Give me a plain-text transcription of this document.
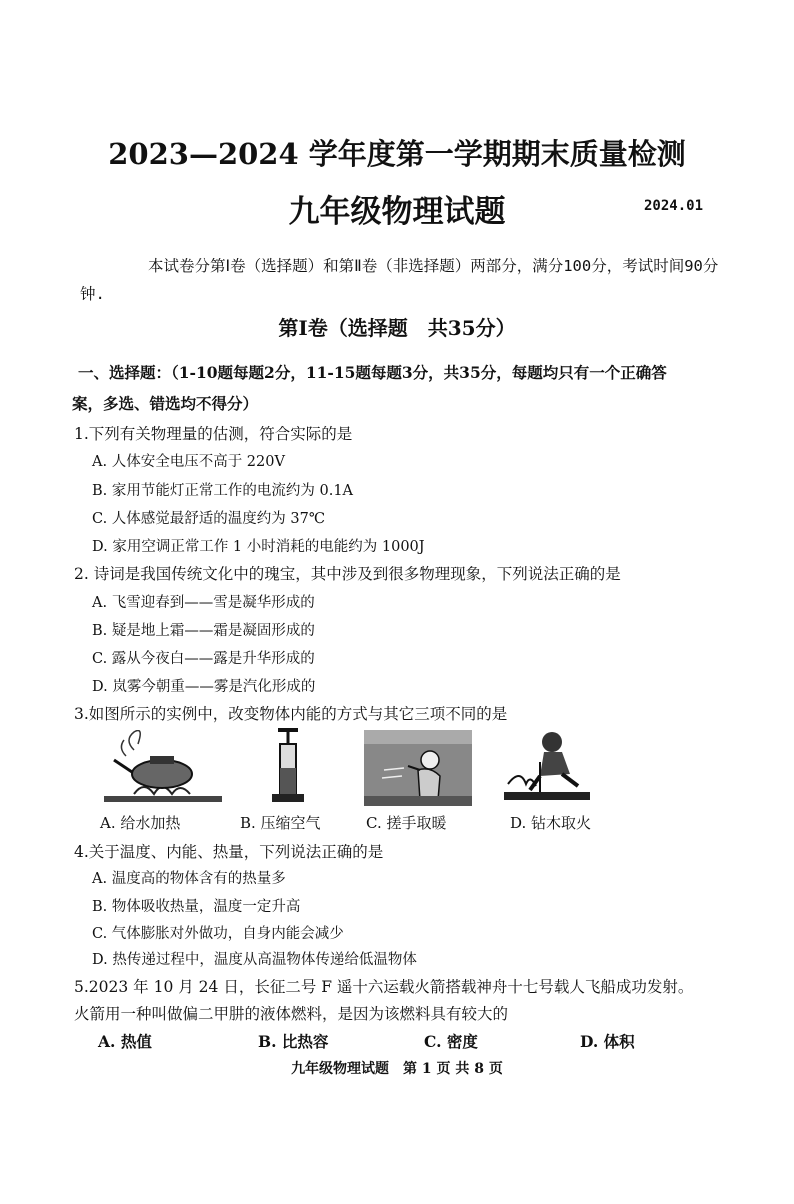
2023—2024 学年度第一学期期末质量检测
九年级物理试题	2024.01
本试卷分第Ⅰ卷（选择题）和第Ⅱ卷（非选择题）两部分，满分100分，考试时间90分钟.
第Ⅰ卷（选择题　共35分）
一、选择题：（1-10题每题2分，11-15题每题3分，共35分，每题均只有一个正确答
案，多选、错选均不得分）
1.下列有关物理量的估测，符合实际的是
A. 人体安全电压不高于 220V
B. 家用节能灯正常工作的电流约为 0.1A
C. 人体感觉最舒适的温度约为 37℃
D. 家用空调正常工作 1 小时消耗的电能约为 1000J
2. 诗词是我国传统文化中的瑰宝，其中涉及到很多物理现象，下列说法正确的是
A. 飞雪迎春到——雪是凝华形成的
B. 疑是地上霜——霜是凝固形成的
C. 露从今夜白——露是升华形成的
D. 岚雾今朝重——雾是汽化形成的
3.如图所示的实例中，改变物体内能的方式与其它三项不同的是
A. 给水加热	B. 压缩空气	C. 搓手取暖	D. 钻木取火
4.关于温度、内能、热量，下列说法正确的是
A. 温度高的物体含有的热量多
B. 物体吸收热量，温度一定升高
C. 气体膨胀对外做功，自身内能会减少
D. 热传递过程中，温度从高温物体传递给低温物体
5.2023 年 10 月 24 日，长征二号 F 遥十六运载火箭搭载神舟十七号载人飞船成功发射。
火箭用一种叫做偏二甲肼的液体燃料，是因为该燃料具有较大的
A. 热值	B. 比热容	C. 密度	D. 体积
九年级物理试题　第 1 页 共 8 页
